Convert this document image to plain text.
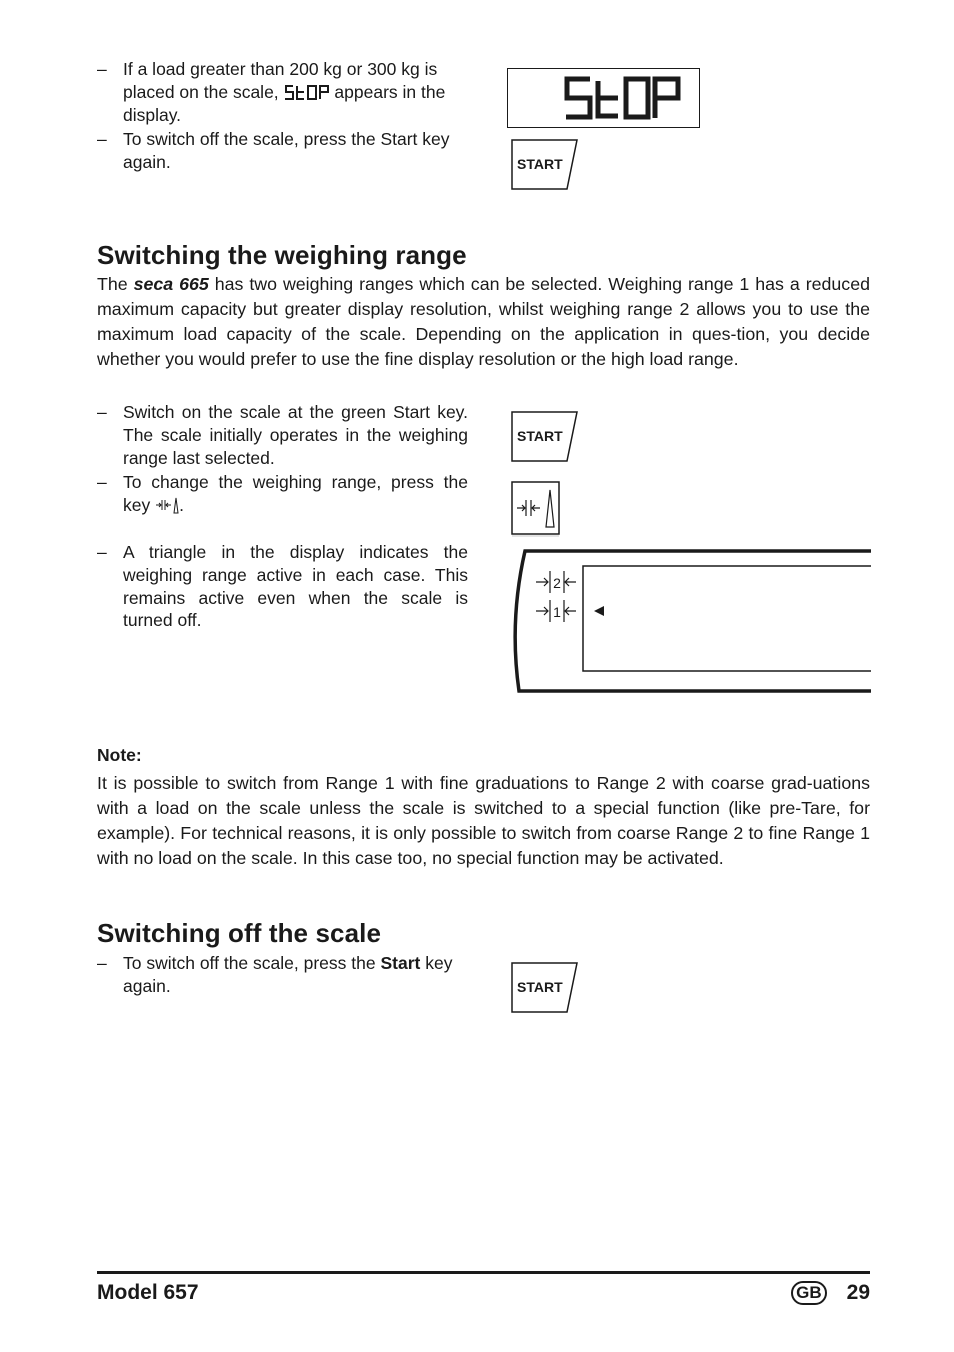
– If a load greater than 200 kg or 300 kg is placed on the scale,	appears in the display.
– To switch off the scale, press the Start key again.	START
Switching the weighing range

The seca 665 has two weighing ranges which can be selected. Weighing range 1 has a reduced maximum capacity but greater display resolution, whilst weighing range 2 allows you to use the maximum load capacity of the scale. Depending on the application in ques-tion, you decide whether you would prefer to use the fine display resolution or the high load range.

– Switch on the scale at the green Start key. The scale initially operates in the weighing range last selected.
– To change the weighing range, press the key .
– A triangle in the display indicates the weighing range active in each case. This remains active even when the scale is turned off.
START
2
1
Note:

It is possible to switch from Range 1 with fine graduations to Range 2 with coarse grad-uations with a load on the scale unless the scale is switched to a special function (like pre-Tare, for example). For technical reasons, it is only possible to switch from coarse Range 2 to fine Range 1 with no load on the scale. In this case too, no special function may be activated.

Switching off the scale
– To switch off the scale, press the Start key again.	START
Model 657	GB 29
